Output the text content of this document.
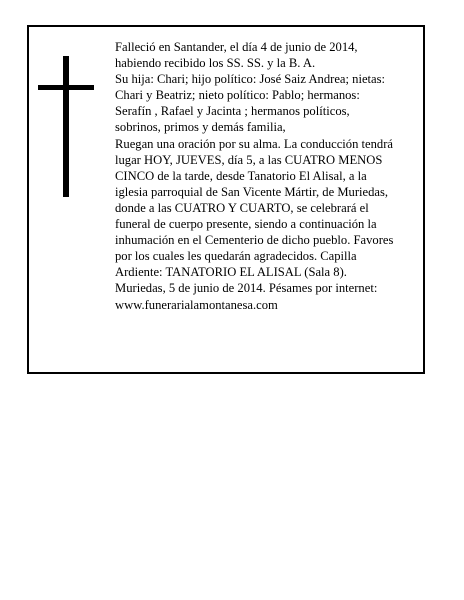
Falleció en Santander, el día 4 de junio de 2014,
habiendo recibido los SS. SS. y la B. A.
Su hija: Chari; hijo político: José Saiz Andrea; nietas:
Chari y Beatriz; nieto político: Pablo; hermanos:
Serafín , Rafael y Jacinta ; hermanos políticos,
sobrinos, primos y demás familia,
Ruegan una oración por su alma. La conducción tendrá
lugar HOY, JUEVES, día 5, a las CUATRO MENOS
CINCO de la tarde, desde Tanatorio El Alisal, a la
iglesia parroquial de San Vicente Mártir, de Muriedas,
donde a las CUATRO Y CUARTO, se celebrará el
funeral de cuerpo presente, siendo a continuación la
inhumación en el Cementerio de dicho pueblo. Favores
por los cuales les quedarán agradecidos. Capilla
Ardiente: TANATORIO EL ALISAL (Sala 8).
Muriedas, 5 de junio de 2014. Pésames por internet:
www.funerarialamontanesa.com
